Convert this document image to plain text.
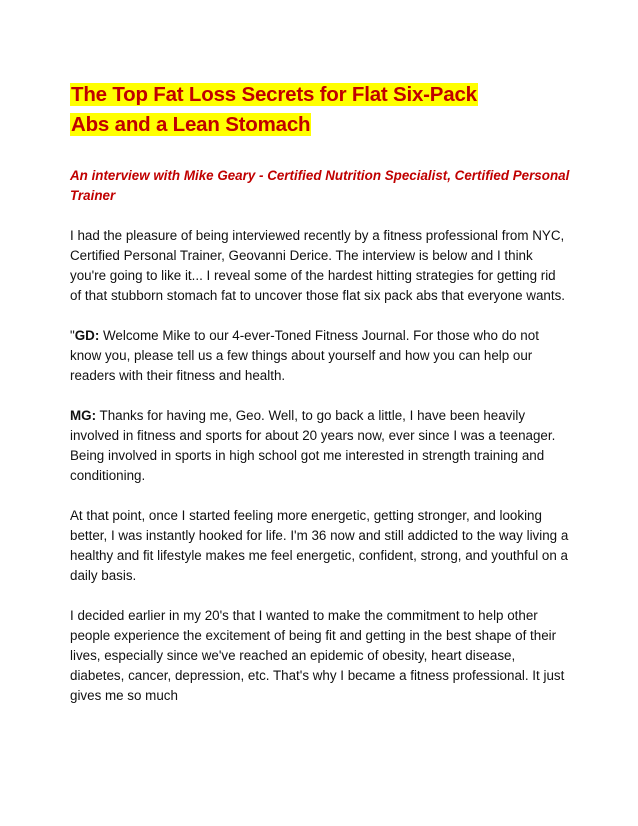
The Top Fat Loss Secrets for Flat Six-Pack
Abs and a Lean Stomach

An interview with Mike Geary - Certified Nutrition Specialist, Certified Personal Trainer

I had the pleasure of being interviewed recently by a fitness professional from NYC, Certified Personal Trainer, Geovanni Derice. The interview is below and I think you're going to like it... I reveal some of the hardest hitting strategies for getting rid of that stubborn stomach fat to uncover those flat six pack abs that everyone wants.

"GD: Welcome Mike to our 4-ever-Toned Fitness Journal. For those who do not know you, please tell us a few things about yourself and how you can help our readers with their fitness and health.

MG: Thanks for having me, Geo. Well, to go back a little, I have been heavily involved in fitness and sports for about 20 years now, ever since I was a teenager. Being involved in sports in high school got me interested in strength training and conditioning.

At that point, once I started feeling more energetic, getting stronger, and looking better, I was instantly hooked for life. I'm 36 now and still addicted to the way living a healthy and fit lifestyle makes me feel energetic, confident, strong, and youthful on a daily basis.

I decided earlier in my 20's that I wanted to make the commitment to help other people experience the excitement of being fit and getting in the best shape of their lives, especially since we've reached an epidemic of obesity, heart disease, diabetes, cancer, depression, etc. That's why I became a fitness professional. It just gives me so much
